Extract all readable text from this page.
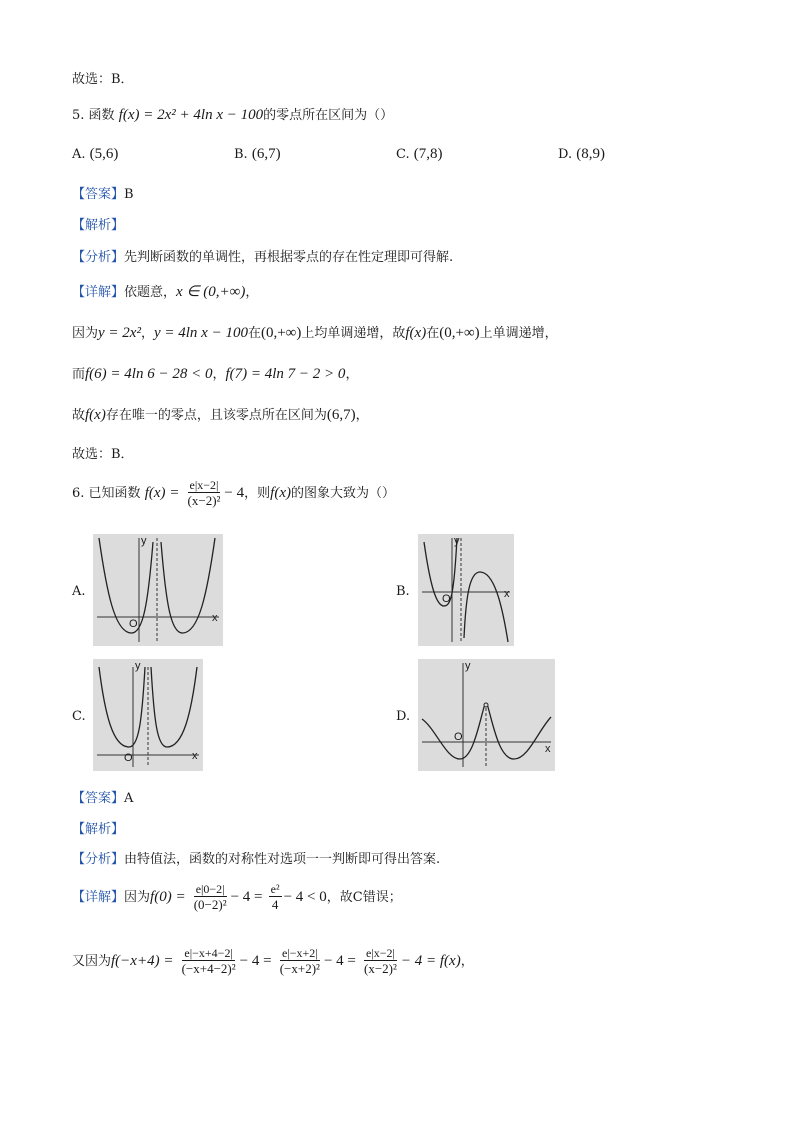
故选：B．
5. 函数 f(x) = 2x² + 4ln x − 100的零点所在区间为（）
A. (5,6)	B. (6,7)	C. (7,8)	D. (8,9)
【答案】B
【解析】
【分析】先判断函数的单调性，再根据零点的存在性定理即可得解.
【详解】依题意，x ∈ (0,+∞)，
因为y = 2x²，y = 4ln x − 100在(0,+∞)上均单调递增，故f(x)在(0,+∞)上单调递增，
而f(6) = 4ln 6 − 28 < 0，f(7) = 4ln 7 − 2 > 0，
故f(x)存在唯一的零点，且该零点所在区间为(6,7)，
故选：B．
6. 已知函数 $f(x) = \frac{e|x-2|}{\text{(x−2)²}} - 4$，则f(x)的图象大致为（）
A.	B.
C.	D.
y
x
O
y
x
O
y
x
O
y
x
O
【答案】A
【解析】
【分析】由特值法，函数的对称性对选项一一判断即可得出答案.
【详解】因为$f(0) = \frac{e|0-2|}{\text{(0−2)²}} - 4 = \frac{\text{e²}}{4} - 4 < 0$，故C错误；
又因为$f(-x+4) = \frac{e|-x+4-2|}{\text{(−x+4−2)²}} - 4 = \frac{e|-x+2|}{\text{(−x+2)²}} - 4 = \frac{e|x-2|}{\text{(x−2)²}} - 4 = f(x)$，
